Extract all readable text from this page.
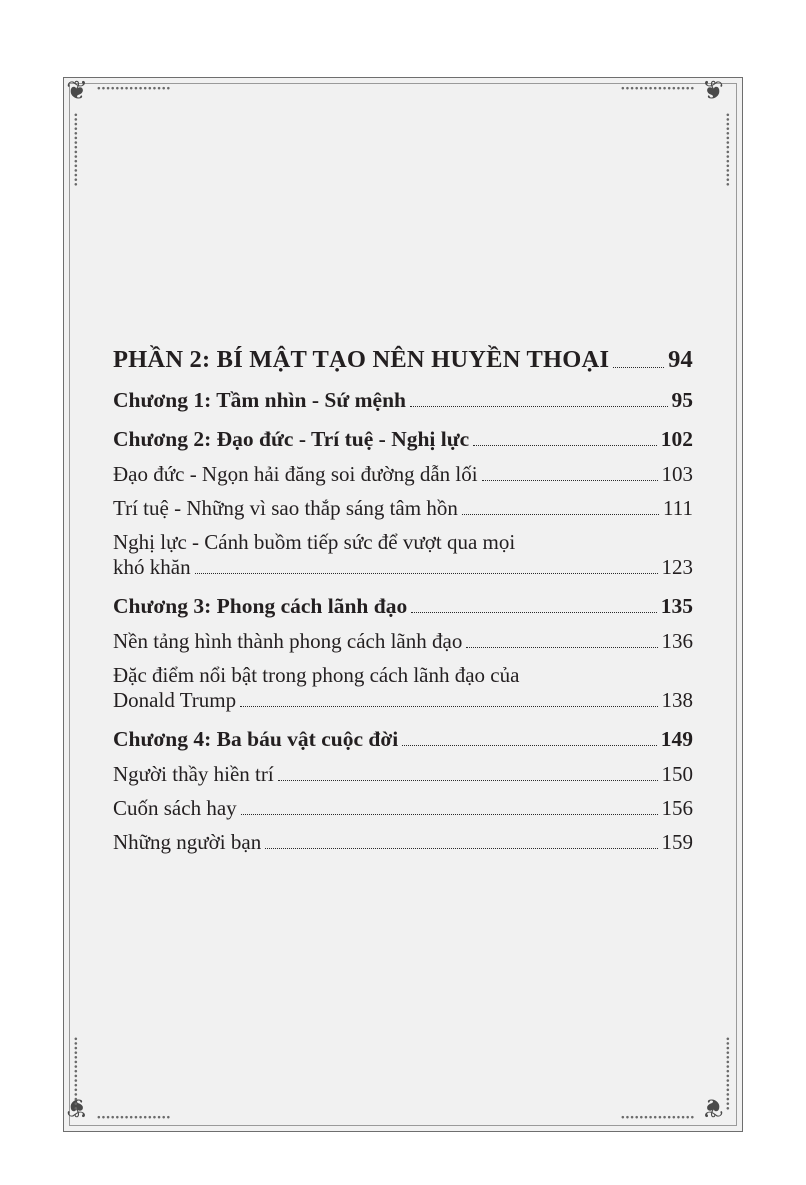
❦	❦
❦	❦
∙∙∙∙∙∙∙∙∙∙∙∙∙∙∙∙	∙∙∙∙∙∙∙∙∙∙∙∙∙∙∙∙
∙∙∙∙∙∙∙∙∙∙∙∙∙∙∙∙	∙∙∙∙∙∙∙∙∙∙∙∙∙∙∙∙
∙∙∙∙∙∙∙∙∙∙∙∙∙∙∙∙	∙∙∙∙∙∙∙∙∙∙∙∙∙∙∙∙
∙∙∙∙∙∙∙∙∙∙∙∙∙∙∙∙	∙∙∙∙∙∙∙∙∙∙∙∙∙∙∙∙
PHẦN 2: BÍ MẬT TẠO NÊN HUYỀN THOẠI 94
Chương 1: Tầm nhìn - Sứ mệnh	95
Chương 2: Đạo đức - Trí tuệ - Nghị lực	102
Đạo đức - Ngọn hải đăng soi đường dẫn lối	103
Trí tuệ - Những vì sao thắp sáng tâm hồn	111
Nghị lực - Cánh buồm tiếp sức để vượt qua mọi
khó khăn	123
Chương 3: Phong cách lãnh đạo	135
Nền tảng hình thành phong cách lãnh đạo	136
Đặc điểm nổi bật trong phong cách lãnh đạo của
Donald Trump	138
Chương 4: Ba báu vật cuộc đời	149
Người thầy hiền trí	150
Cuốn sách hay	156
Những người bạn	159
